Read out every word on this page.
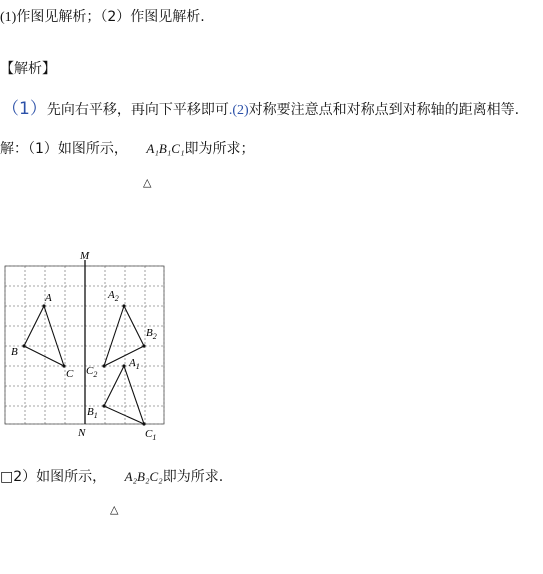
(1)作图见解析；（2）作图见解析.
【解析】
（1）先向右平移，再向下平移即可.(2)对称要注意点和对称点到对称轴的距离相等.
解：（1）如图所示， A₁B₁C₁即为所求；
△
M
N
A
B
C
$A_2$
$B_2$
$C_2$
$A_1$
$B_1$
$C_1$
□2）如图所示， A₂B₂C₂即为所求.
△
